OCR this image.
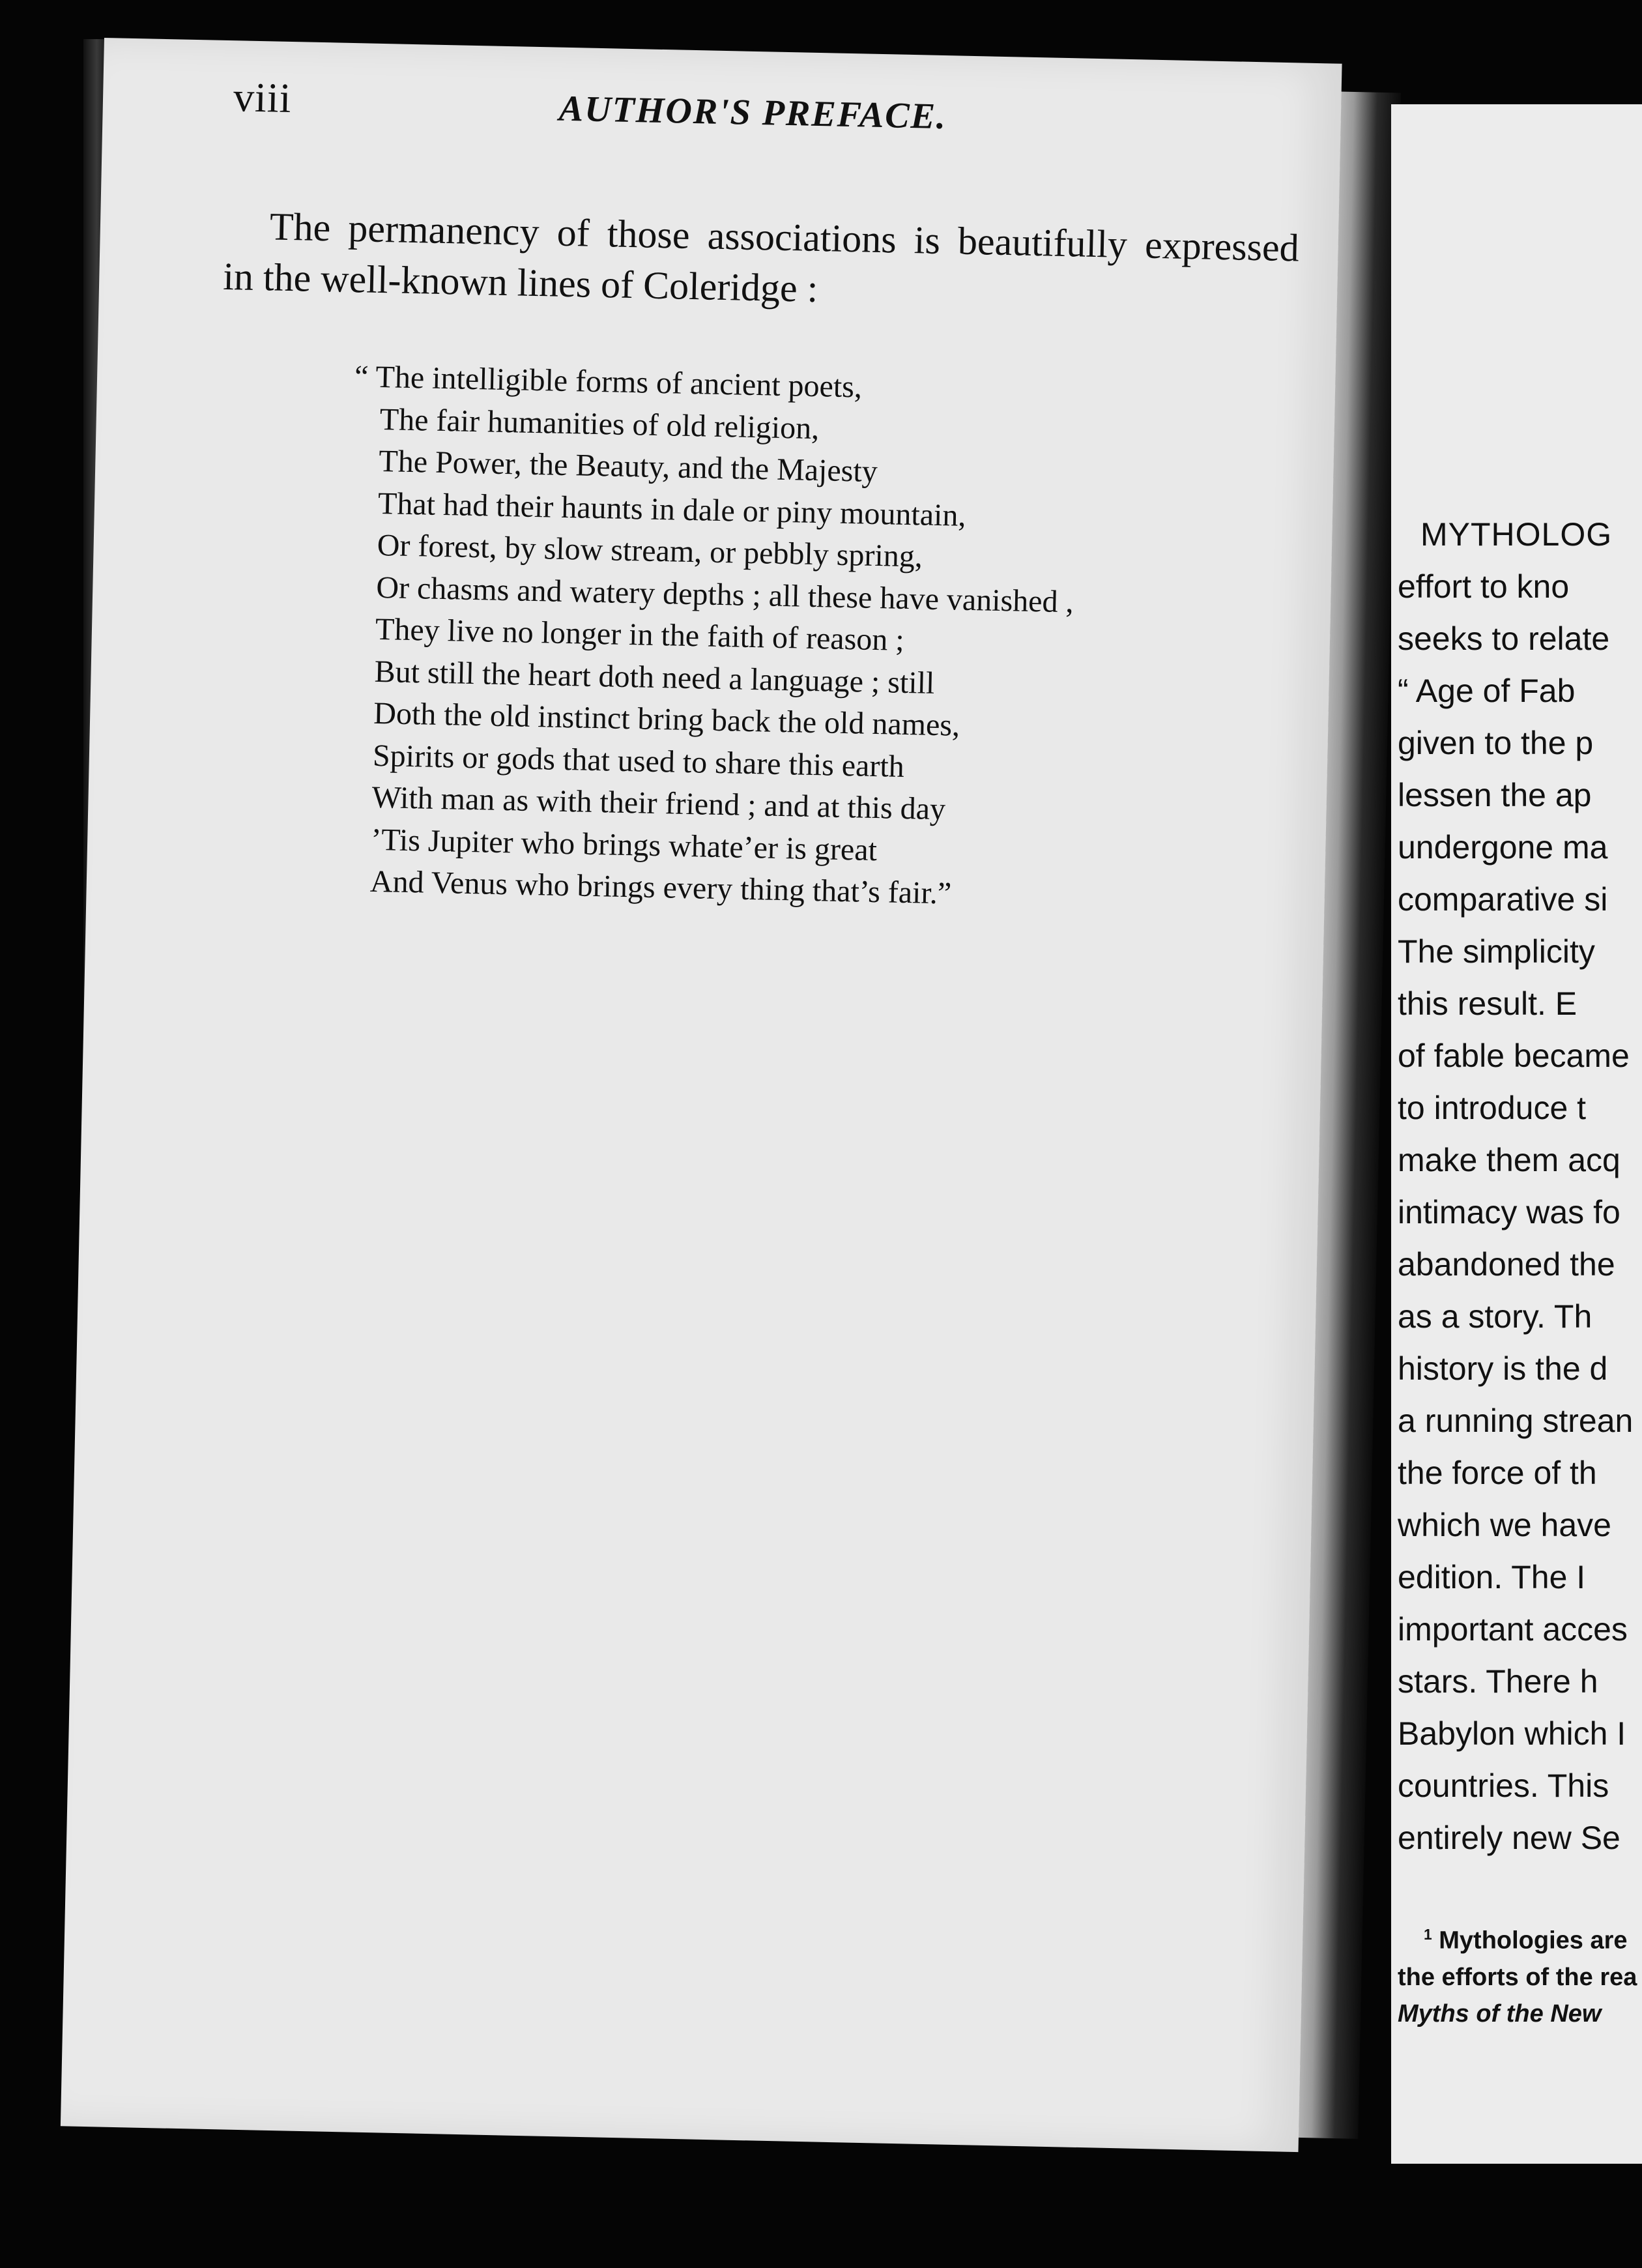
viii	AUTHOR'S PREFACE.
The permanency of those associations is beautifully expressed
in the well-known lines of Coleridge :
“ The intelligible forms of ancient poets,
The fair humanities of old religion,
The Power, the Beauty, and the Majesty
That had their haunts in dale or piny mountain,
Or forest, by slow stream, or pebbly spring,
Or chasms and watery depths ; all these have vanished ,
They live no longer in the faith of reason ;
But still the heart doth need a language ; still
Doth the old instinct bring back the old names,
Spirits or gods that used to share this earth
With man as with their friend ; and at this day
’Tis Jupiter who brings whate’er is great
And Venus who brings every thing that’s fair.”
MYTHOLOG
effort to kno
seeks to relate
“ Age of Fab
given to the p
lessen the ap
undergone ma
comparative si
The simplicity
this result. E
of fable became
to introduce t
make them acq
intimacy was fo
abandoned the
as a story. Th
history is the d
a running strean
the force of th
which we have
edition. The I
important acces
stars. There h
Babylon which I
countries. This
entirely new Se
$^1$ Mythologies are
the efforts of the rea
Myths of the New
